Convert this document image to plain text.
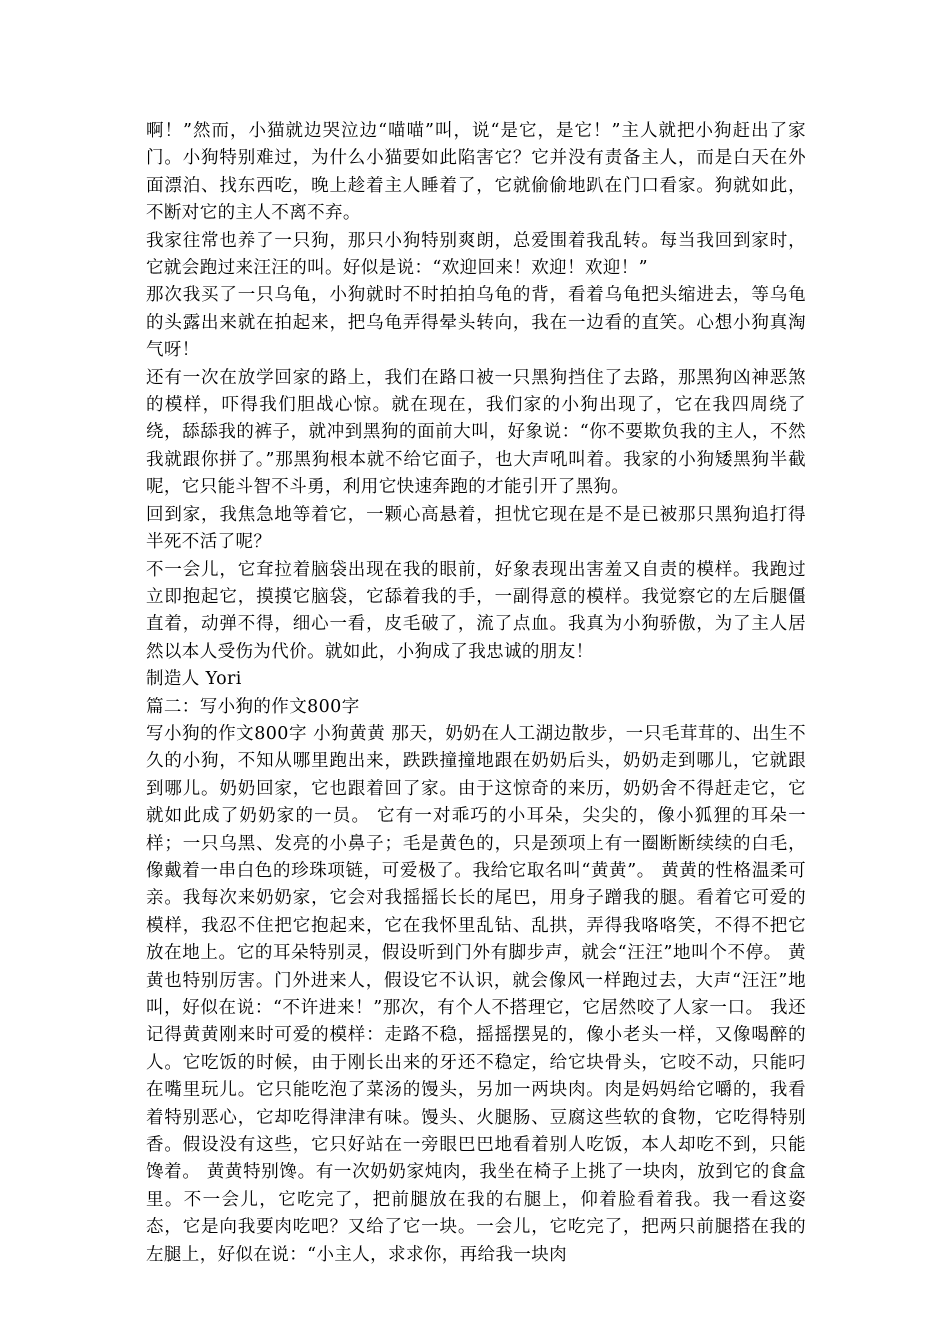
啊！”然而，小猫就边哭泣边“喵喵”叫，说“是它，是它！”主人就把小狗赶出了家门。小狗特别难过，为什么小猫要如此陷害它？它并没有责备主人，而是白天在外面漂泊、找东西吃，晚上趁着主人睡着了，它就偷偷地趴在门口看家。狗就如此，不断对它的主人不离不弃。

我家往常也养了一只狗，那只小狗特别爽朗，总爱围着我乱转。每当我回到家时，它就会跑过来汪汪的叫。好似是说：“欢迎回来！欢迎！欢迎！”

那次我买了一只乌龟，小狗就时不时拍拍乌龟的背，看着乌龟把头缩进去，等乌龟的头露出来就在拍起来，把乌龟弄得晕头转向，我在一边看的直笑。心想小狗真淘气呀！

还有一次在放学回家的路上，我们在路口被一只黑狗挡住了去路，那黑狗凶神恶煞的模样，吓得我们胆战心惊。就在现在，我们家的小狗出现了，它在我四周绕了绕，舔舔我的裤子，就冲到黑狗的面前大叫，好象说：“你不要欺负我的主人，不然我就跟你拼了。”那黑狗根本就不给它面子，也大声吼叫着。我家的小狗矮黑狗半截呢，它只能斗智不斗勇，利用它快速奔跑的才能引开了黑狗。

回到家，我焦急地等着它，一颗心高悬着，担忧它现在是不是已被那只黑狗追打得半死不活了呢？

不一会儿，它耷拉着脑袋出现在我的眼前，好象表现出害羞又自责的模样。我跑过立即抱起它，摸摸它脑袋，它舔着我的手，一副得意的模样。我觉察它的左后腿僵直着，动弹不得，细心一看，皮毛破了，流了点血。我真为小狗骄傲，为了主人居然以本人受伤为代价。就如此，小狗成了我忠诚的朋友！

制造人 Yori

篇二：写小狗的作文800字

写小狗的作文800字 小狗黄黄 那天，奶奶在人工湖边散步，一只毛茸茸的、出生不久的小狗，不知从哪里跑出来，跌跌撞撞地跟在奶奶后头，奶奶走到哪儿，它就跟到哪儿。奶奶回家，它也跟着回了家。由于这惊奇的来历，奶奶舍不得赶走它，它就如此成了奶奶家的一员。 它有一对乖巧的小耳朵，尖尖的，像小狐狸的耳朵一样；一只乌黑、发亮的小鼻子；毛是黄色的，只是颈项上有一圈断断续续的白毛，像戴着一串白色的珍珠项链，可爱极了。我给它取名叫“黄黄”。 黄黄的性格温柔可亲。我每次来奶奶家，它会对我摇摇长长的尾巴，用身子蹭我的腿。看着它可爱的模样，我忍不住把它抱起来，它在我怀里乱钻、乱拱，弄得我咯咯笑，不得不把它放在地上。它的耳朵特别灵，假设听到门外有脚步声，就会“汪汪”地叫个不停。 黄黄也特别厉害。门外进来人，假设它不认识，就会像风一样跑过去，大声“汪汪”地叫，好似在说：“不许进来！”那次，有个人不搭理它，它居然咬了人家一口。 我还记得黄黄刚来时可爱的模样：走路不稳，摇摇摆晃的，像小老头一样，又像喝醉的人。它吃饭的时候，由于刚长出来的牙还不稳定，给它块骨头，它咬不动，只能叼在嘴里玩儿。它只能吃泡了菜汤的馒头，另加一两块肉。肉是妈妈给它嚼的，我看着特别恶心，它却吃得津津有味。馒头、火腿肠、豆腐这些软的食物，它吃得特别香。假设没有这些，它只好站在一旁眼巴巴地看着别人吃饭，本人却吃不到，只能馋着。 黄黄特别馋。有一次奶奶家炖肉，我坐在椅子上挑了一块肉，放到它的食盒里。不一会儿，它吃完了，把前腿放在我的右腿上，仰着脸看着我。我一看这姿态，它是向我要肉吃吧？又给了它一块。一会儿，它吃完了，把两只前腿搭在我的左腿上，好似在说：“小主人，求求你，再给我一块肉
